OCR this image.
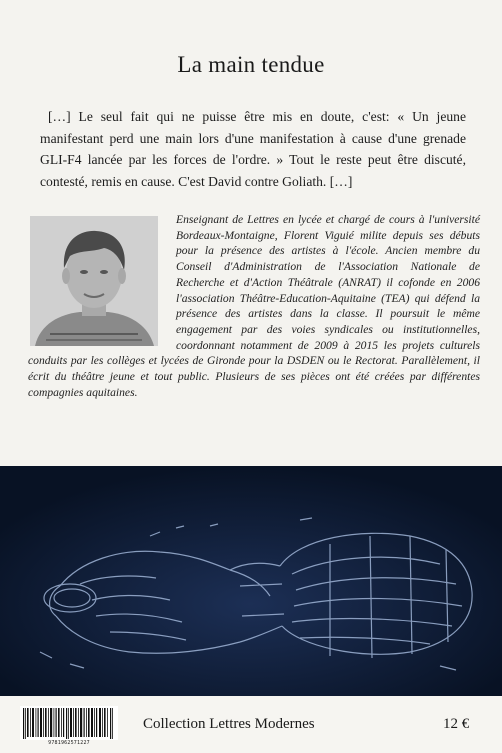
La main tendue
[…] Le seul fait qui ne puisse être mis en doute, c'est: « Un jeune manifestant perd une main lors d'une manifestation à cause d'une grenade GLI-F4 lancée par les forces de l'ordre. » Tout le reste peut être discuté, contesté, remis en cause. C'est David contre Goliath. […]
Enseignant de Lettres en lycée et chargé de cours à l'université Bordeaux-Montaigne, Florent Viguié milite depuis ses débuts pour la présence des artistes à l'école. Ancien membre du Conseil d'Administration de l'Association Nationale de Recherche et d'Action Théâtrale (ANRAT) il cofonde en 2006 l'association Théâtre-Education-Aquitaine (TEA) qui défend la présence des artistes dans la classe. Il poursuit le même engagement par des voies syndicales ou institutionnelles, coordonnant notamment de 2009 à 2015 les projets culturels conduits par les collèges et lycées de Gironde pour la DSDEN ou le Rectorat. Parallèlement, il écrit du théâtre jeune et tout public. Plusieurs de ses pièces ont été créées par différentes compagnies aquitaines.
9781962571227
Collection Lettres Modernes	12 €
